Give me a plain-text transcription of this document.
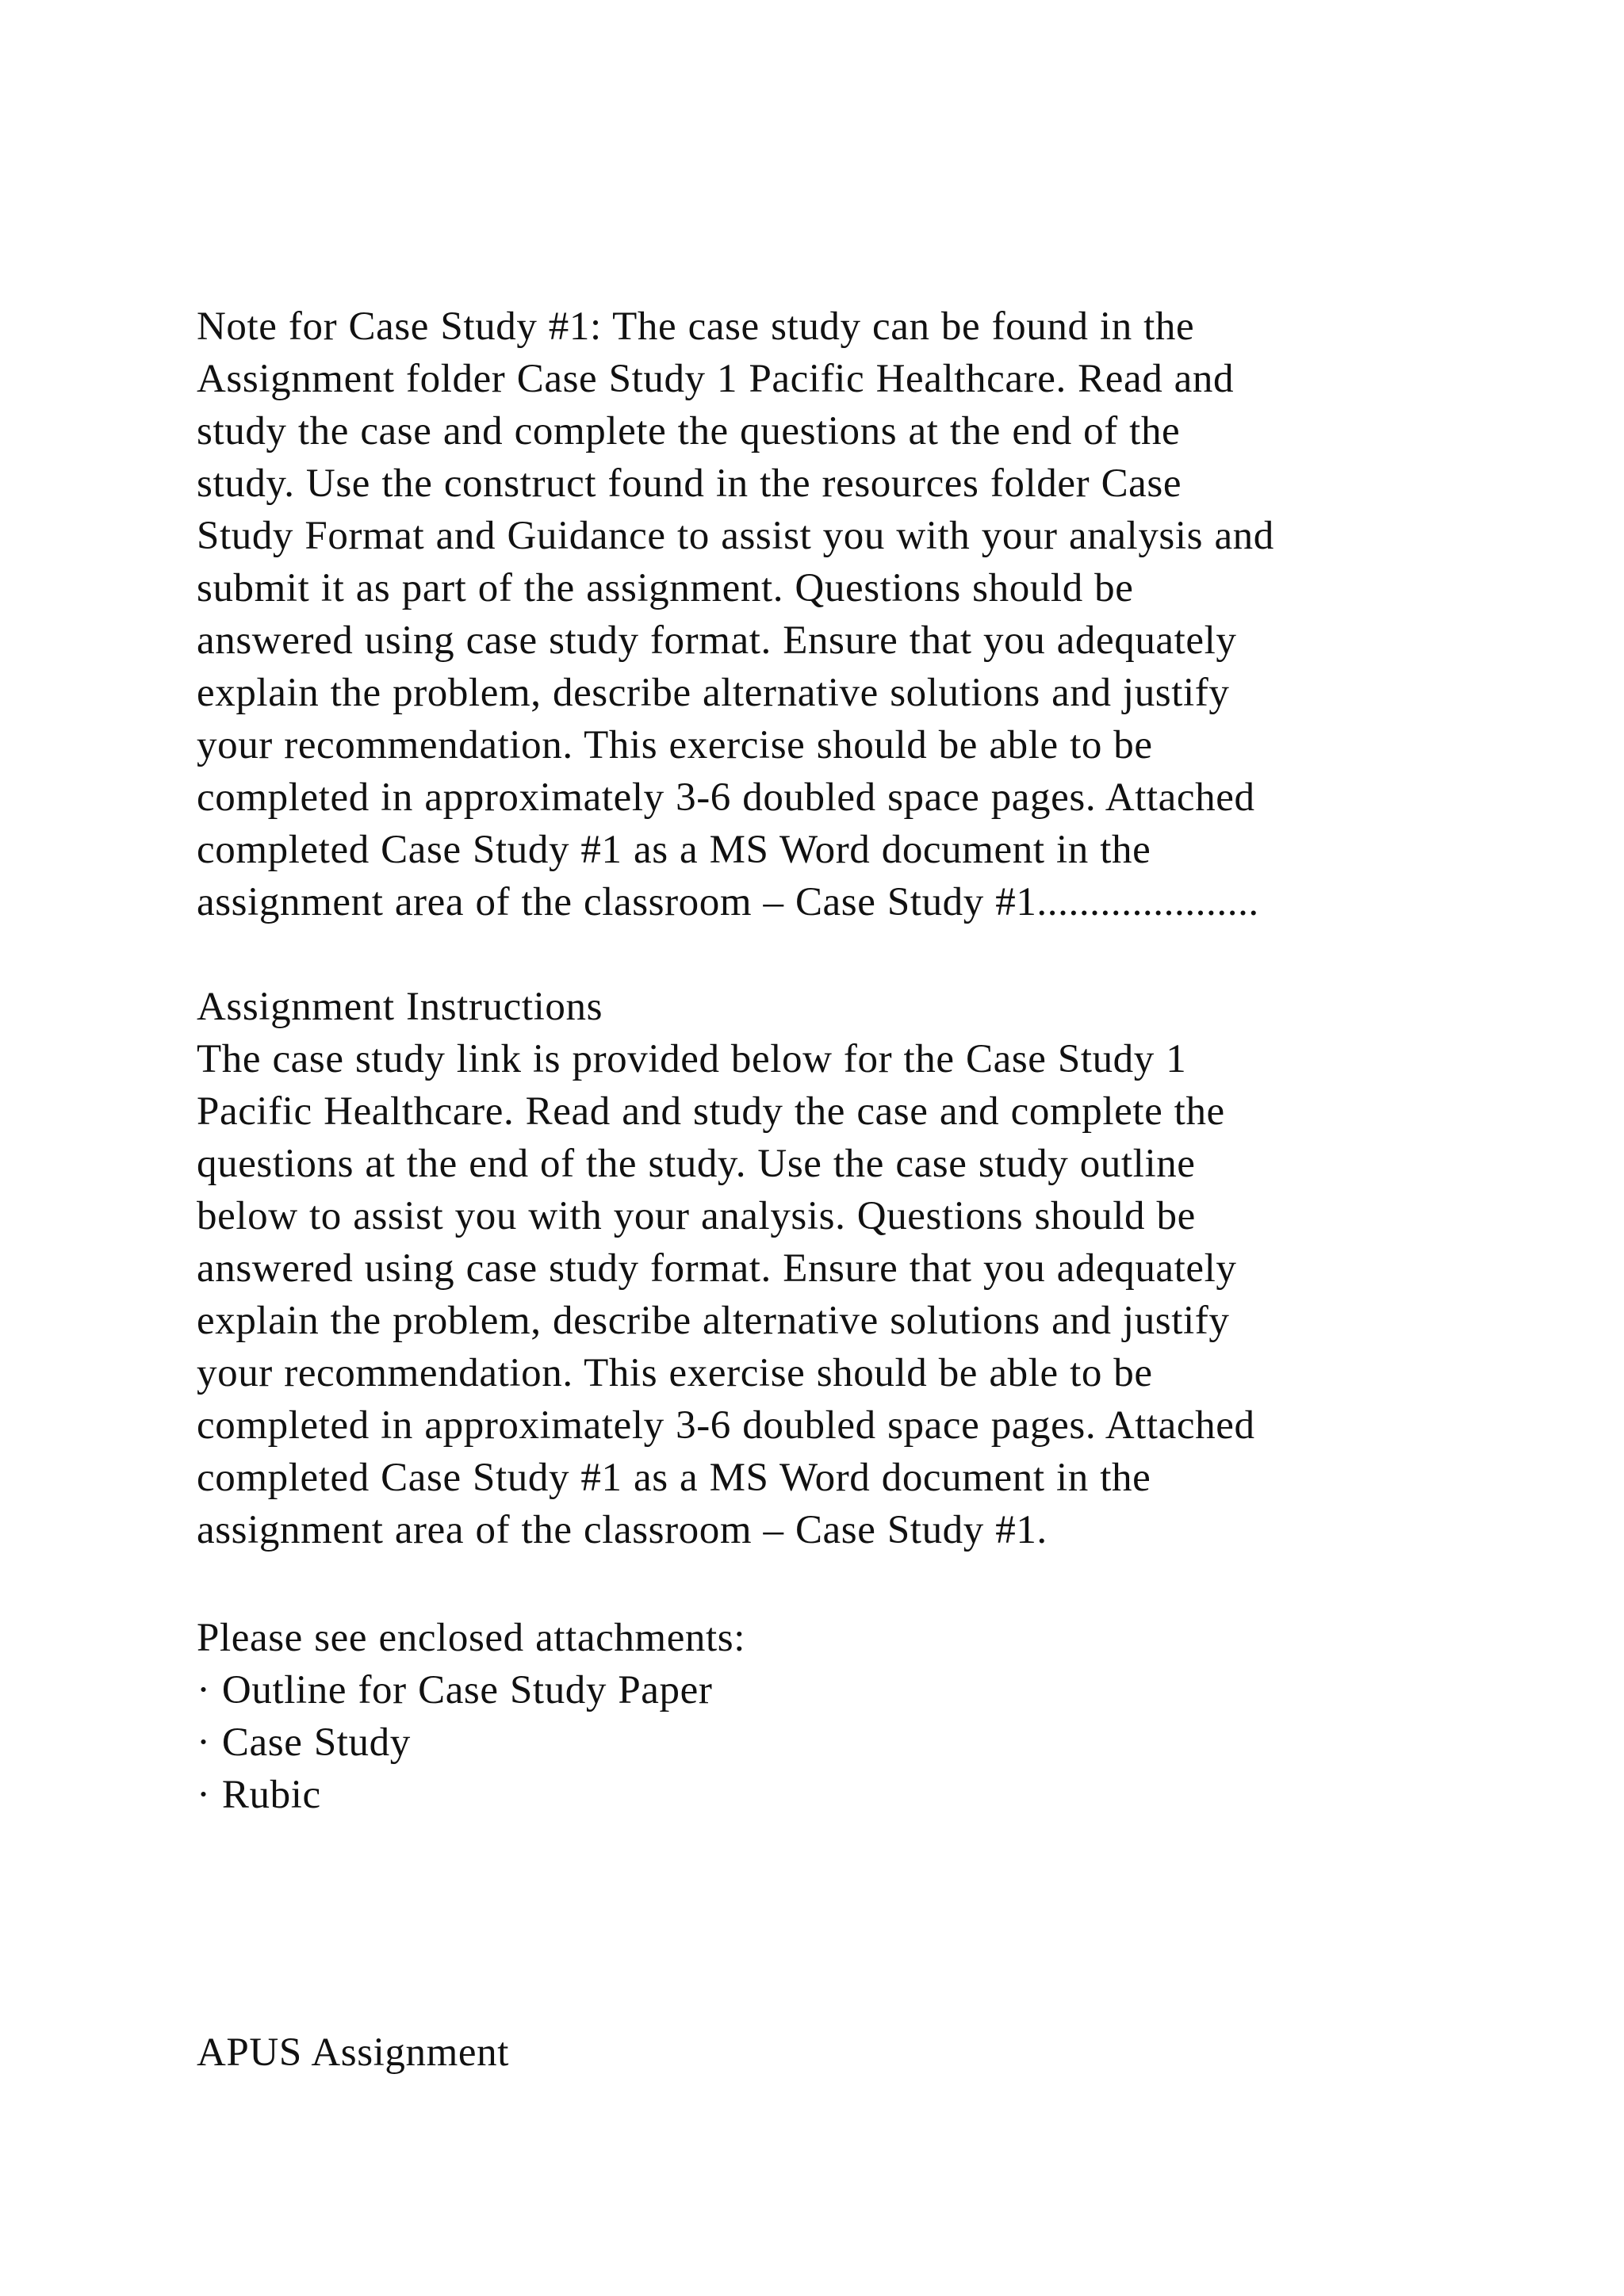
Note for Case Study #1: The case study can be found in the
Assignment folder Case Study 1 Pacific Healthcare. Read and
study the case and complete the questions at the end of the
study. Use the construct found in the resources folder Case
Study Format and Guidance to assist you with your analysis and
submit it as part of the assignment. Questions should be
answered using case study format. Ensure that you adequately
explain the problem, describe alternative solutions and justify
your recommendation. This exercise should be able to be
completed in approximately 3-6 doubled space pages. Attached
completed Case Study #1 as a MS Word document in the
assignment area of the classroom – Case Study #1.....................
Assignment Instructions
The case study link is provided below for the Case Study 1
Pacific Healthcare. Read and study the case and complete the
questions at the end of the study. Use the case study outline
below to assist you with your analysis. Questions should be
answered using case study format. Ensure that you adequately
explain the problem, describe alternative solutions and justify
your recommendation. This exercise should be able to be
completed in approximately 3-6 doubled space pages. Attached
completed Case Study #1 as a MS Word document in the
assignment area of the classroom – Case Study #1.
Please see enclosed attachments:
· Outline for Case Study Paper
· Case Study
· Rubic
APUS Assignment
